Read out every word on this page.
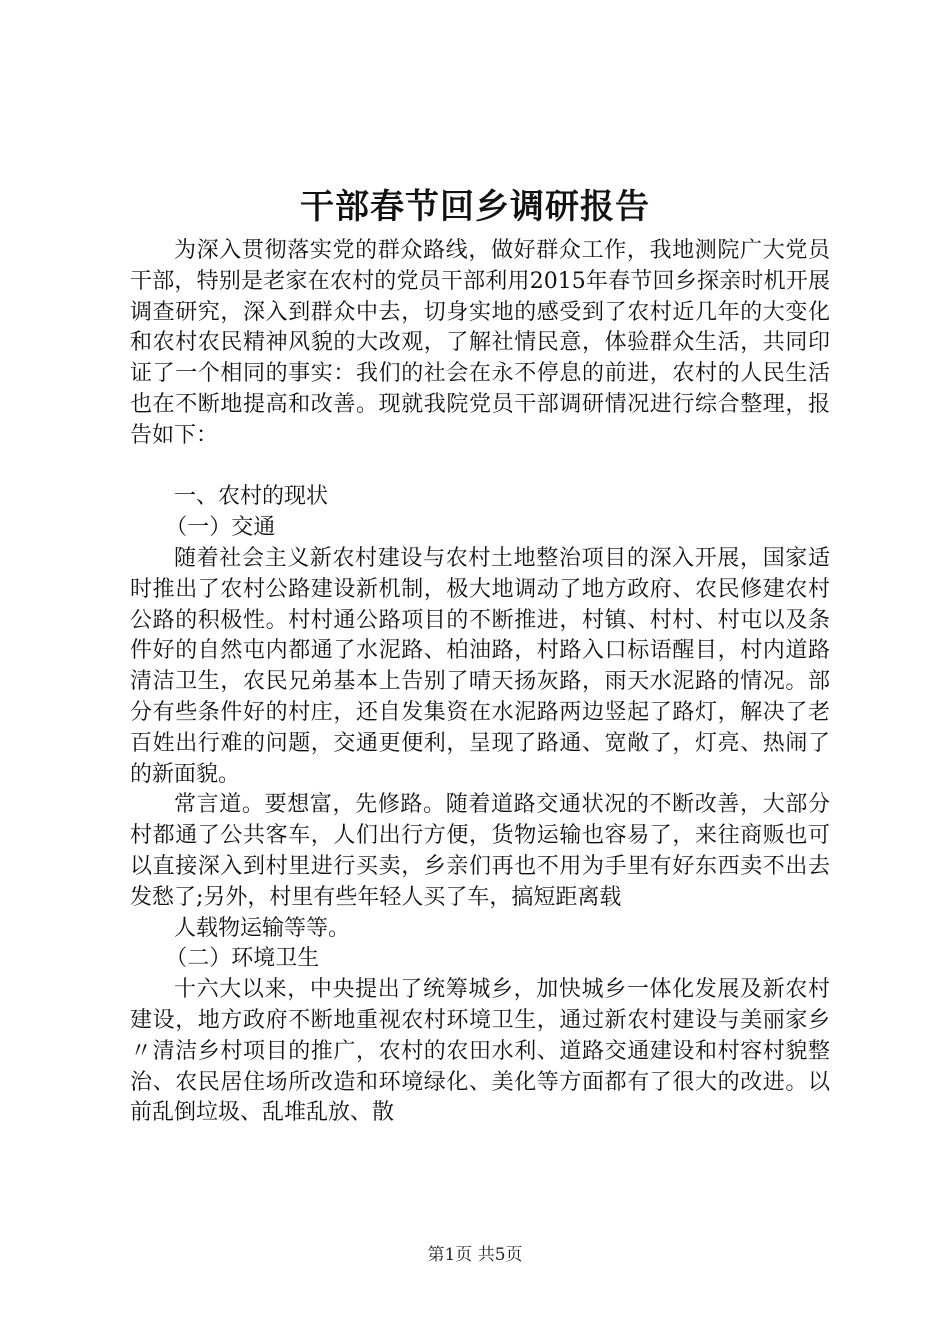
干部春节回乡调研报告

为深入贯彻落实党的群众路线，做好群众工作，我地测院广大党员干部，特别是老家在农村的党员干部利用2015年春节回乡探亲时机开展调查研究，深入到群众中去，切身实地的感受到了农村近几年的大变化和农村农民精神风貌的大改观，了解社情民意，体验群众生活，共同印证了一个相同的事实：我们的社会在永不停息的前进，农村的人民生活也在不断地提高和改善。现就我院党员干部调研情况进行综合整理，报告如下：

一、农村的现状

（一）交通

随着社会主义新农村建设与农村土地整治项目的深入开展，国家适时推出了农村公路建设新机制，极大地调动了地方政府、农民修建农村公路的积极性。村村通公路项目的不断推进，村镇、村村、村屯以及条件好的自然屯内都通了水泥路、柏油路，村路入口标语醒目，村内道路清洁卫生，农民兄弟基本上告别了晴天扬灰路，雨天水泥路的情况。部分有些条件好的村庄，还自发集资在水泥路两边竖起了路灯，解决了老百姓出行难的问题，交通更便利，呈现了路通、宽敞了，灯亮、热闹了的新面貌。

常言道。要想富，先修路。随着道路交通状况的不断改善，大部分村都通了公共客车，人们出行方便，货物运输也容易了，来往商贩也可以直接深入到村里进行买卖，乡亲们再也不用为手里有好东西卖不出去发愁了;另外，村里有些年轻人买了车，搞短距离载

人载物运输等等。

（二）环境卫生

十六大以来，中央提出了统筹城乡，加快城乡一体化发展及新农村建设，地方政府不断地重视农村环境卫生，通过新农村建设与美丽家乡〃清洁乡村项目的推广，农村的农田水利、道路交通建设和村容村貌整治、农民居住场所改造和环境绿化、美化等方面都有了很大的改进。以前乱倒垃圾、乱堆乱放、散

第1页 共5页
